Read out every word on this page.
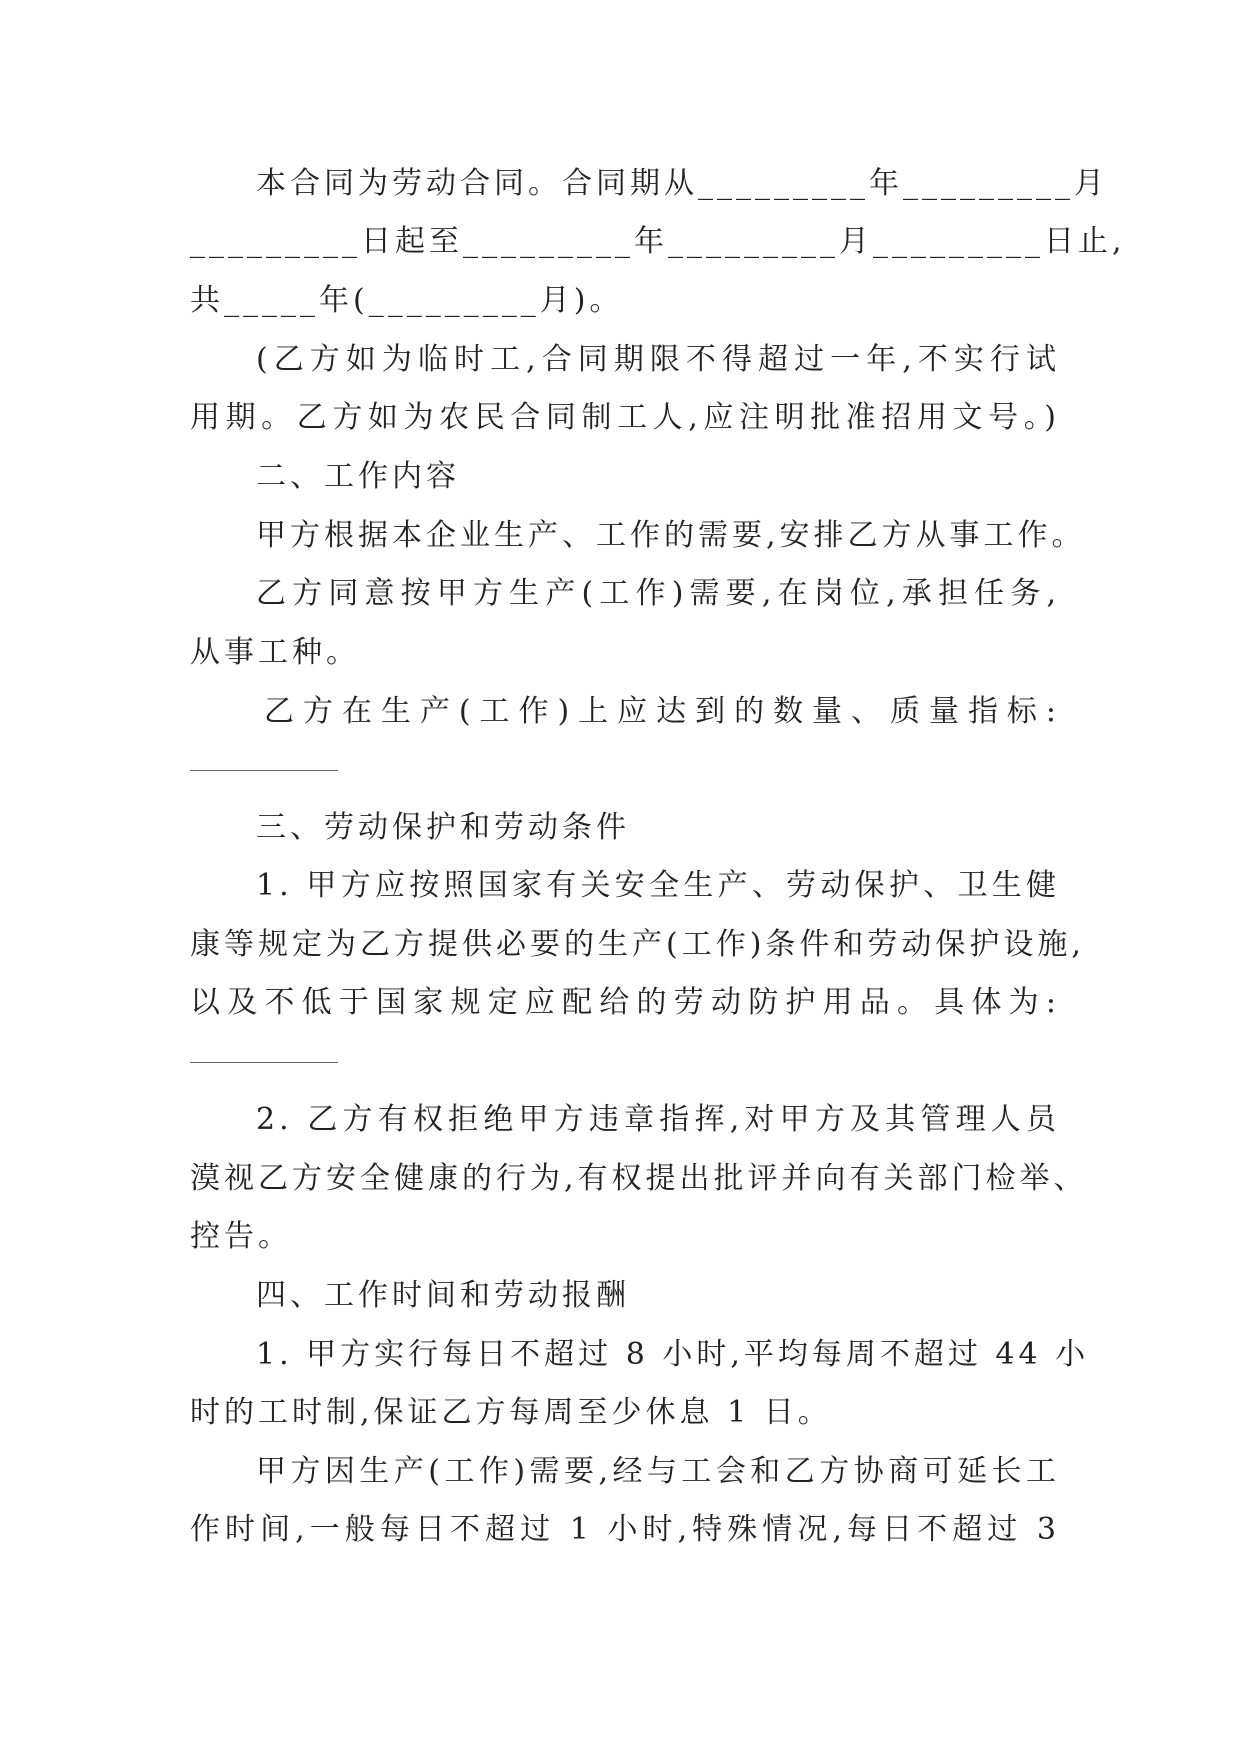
本合同为劳动合同。合同期从_________年_________月
_________日起至_________年_________月_________日止,
共_____年(_________月)。
(乙方如为临时工,合同期限不得超过一年,不实行试
用期。乙方如为农民合同制工人,应注明批准招用文号。)
二、工作内容
甲方根据本企业生产、工作的需要,安排乙方从事工作。
乙方同意按甲方生产(工作)需要,在岗位,承担任务,
从事工种。
乙方在生产(工作)上应达到的数量、质量指标:
三、劳动保护和劳动条件
1. 甲方应按照国家有关安全生产、劳动保护、卫生健
康等规定为乙方提供必要的生产(工作)条件和劳动保护设施,
以及不低于国家规定应配给的劳动防护用品。具体为:
2. 乙方有权拒绝甲方违章指挥,对甲方及其管理人员
漠视乙方安全健康的行为,有权提出批评并向有关部门检举、
控告。
四、工作时间和劳动报酬
1. 甲方实行每日不超过 8 小时,平均每周不超过 44 小
时的工时制,保证乙方每周至少休息 1 日。
甲方因生产(工作)需要,经与工会和乙方协商可延长工
作时间,一般每日不超过 1 小时,特殊情况,每日不超过 3
